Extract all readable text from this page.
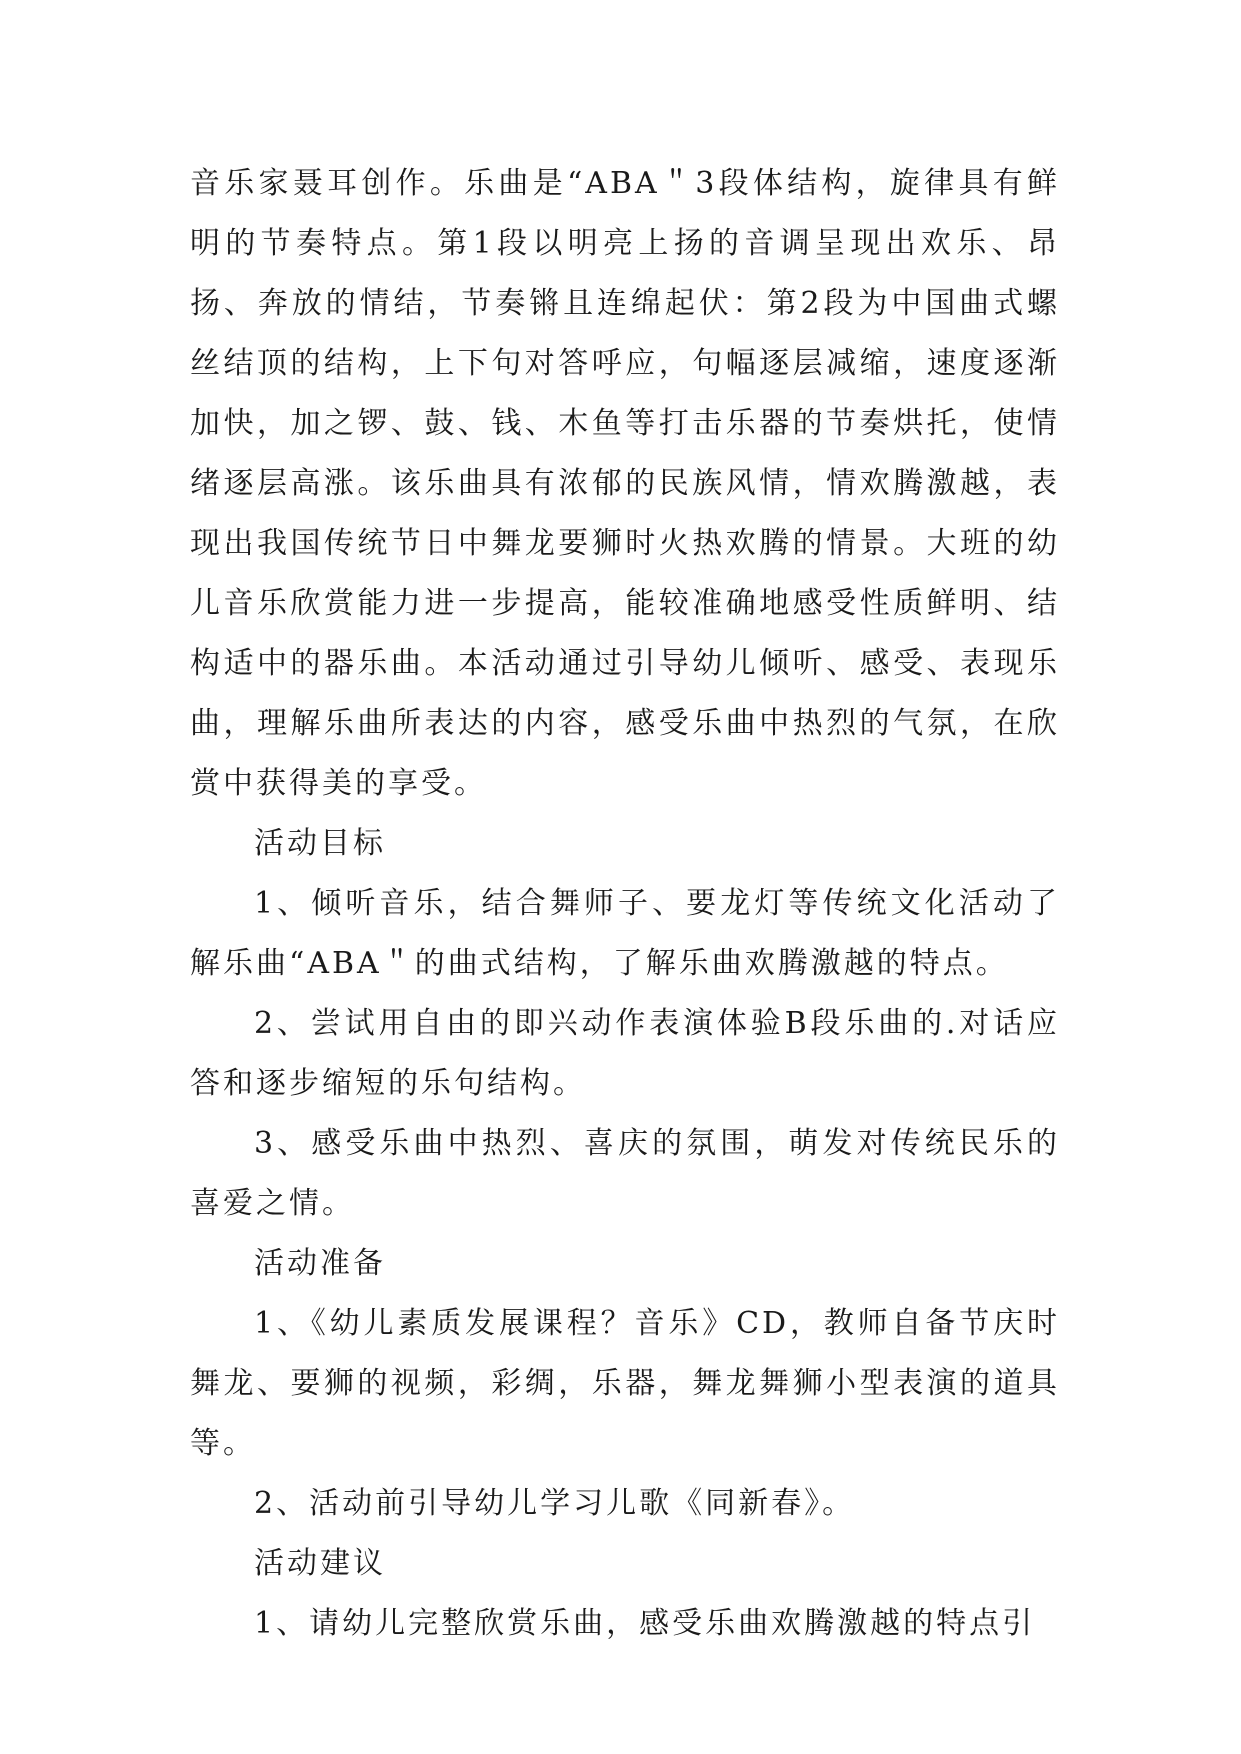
音乐家聂耳创作。乐曲是“ABA＂3段体结构，旋律具有鲜明的节奏特点。第1段以明亮上扬的音调呈现出欢乐、昂扬、奔放的情结，节奏锵且连绵起伏：第2段为中国曲式螺丝结顶的结构，上下句对答呼应，句幅逐层减缩，速度逐渐加快，加之锣、鼓、钱、木鱼等打击乐器的节奏烘托，使情绪逐层高涨。该乐曲具有浓郁的民族风情，情欢腾激越，表现出我国传统节日中舞龙要狮时火热欢腾的情景。大班的幼儿音乐欣赏能力进一步提高，能较准确地感受性质鲜明、结构适中的器乐曲。本活动通过引导幼儿倾听、感受、表现乐曲，理解乐曲所表达的内容，感受乐曲中热烈的气氛，在欣赏中获得美的享受。

活动目标

1、倾听音乐，结合舞师子、要龙灯等传统文化活动了解乐曲“ABA＂的曲式结构，了解乐曲欢腾激越的特点。

2、尝试用自由的即兴动作表演体验B段乐曲的.对话应答和逐步缩短的乐句结构。

3、感受乐曲中热烈、喜庆的氛围，萌发对传统民乐的喜爱之情。

活动准备

1、《幼儿素质发展课程？音乐》CD，教师自备节庆时舞龙、要狮的视频，彩绸，乐器，舞龙舞狮小型表演的道具等。

2、活动前引导幼儿学习儿歌《同新春》。

活动建议

1、请幼儿完整欣赏乐曲，感受乐曲欢腾激越的特点引
